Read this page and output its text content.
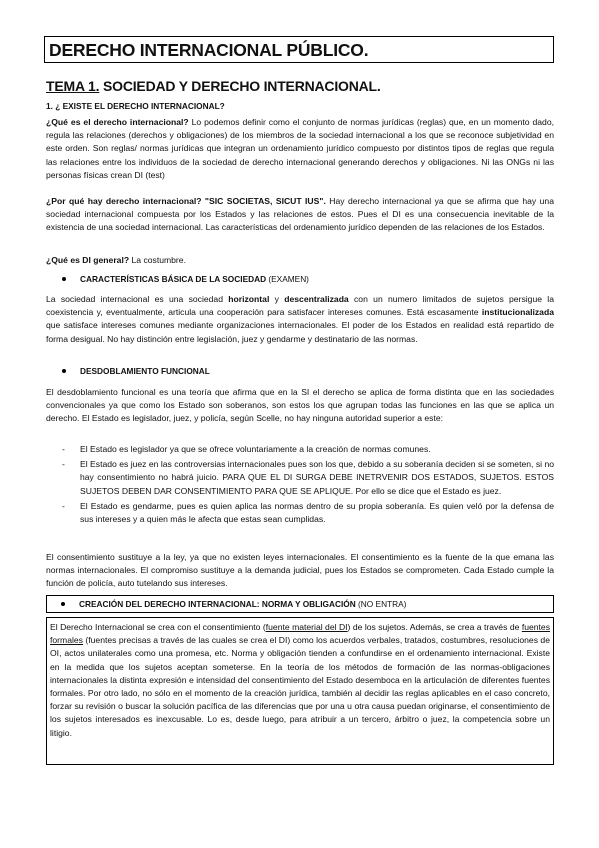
DERECHO INTERNACIONAL PÚBLICO.
TEMA 1. SOCIEDAD Y DERECHO INTERNACIONAL.
1. ¿ EXISTE EL DERECHO INTERNACIONAL?
¿Qué es el derecho internacional? Lo podemos definir como el conjunto de normas jurídicas (reglas) que, en un momento dado, regula las relaciones (derechos y obligaciones) de los miembros de la sociedad internacional a los que se reconoce subjetividad en este orden. Son reglas/ normas jurídicas que integran un ordenamiento jurídico compuesto por distintos tipos de reglas que regula las relaciones entre los individuos de la sociedad de derecho internacional generando derechos y obligaciones. Ni las ONGs ni las personas físicas crean DI (test)
¿Por qué hay derecho internacional? "SIC SOCIETAS, SICUT IUS". Hay derecho internacional ya que se afirma que hay una sociedad internacional compuesta por los Estados y las relaciones de estos. Pues el DI es una consecuencia inevitable de la existencia de una sociedad internacional. Las características del ordenamiento jurídico dependen de las relaciones de los Estados.
¿Qué es DI general? La costumbre.
CARACTERÍSTICAS BÁSICA DE LA SOCIEDAD (EXAMEN)
La sociedad internacional es una sociedad horizontal y descentralizada con un numero limitados de sujetos persigue la coexistencia y, eventualmente, articula una cooperación para satisfacer intereses comunes. Está escasamente institucionalizada que satisface intereses comunes mediante organizaciones internacionales. El poder de los Estados en realidad está repartido de forma desigual. No hay distinción entre legislación, juez y gendarme y destinatario de las normas.
DESDOBLAMIENTO FUNCIONAL
El desdoblamiento funcional es una teoría que afirma que en la SI el derecho se aplica de forma distinta que en las sociedades convencionales ya que como los Estado son soberanos, son estos los que agrupan todas las funciones en las que se aplica un derecho. El Estado es legislador, juez, y policía, según Scelle, no hay ninguna autoridad superior a este:
- El Estado es legislador ya que se ofrece voluntariamente a la creación de normas comunes.
- El Estado es juez en las controversias internacionales pues son los que, debido a su soberanía deciden si se someten, si no hay consentimiento no habrá juicio. PARA QUE EL DI SURGA DEBE INETRVENIR DOS ESTADOS, SUJETOS. ESTOS SUJETOS DEBEN DAR CONSENTIMIENTO PARA QUE SE APLIQUE. Por ello se dice que el Estado es juez.
- El Estado es gendarme, pues es quien aplica las normas dentro de su propia soberanía. Es quien veló por la defensa de sus intereses y a quien más le afecta que estas sean cumplidas.
El consentimiento sustituye a la ley, ya que no existen leyes internacionales. El consentimiento es la fuente de la que emana las normas internacionales. El compromiso sustituye a la demanda judicial, pues los Estados se comprometen. Cada Estado cumple la función de policía, auto tutelando sus intereses.
CREACIÓN DEL DERECHO INTERNACIONAL: NORMA Y OBLIGACIÓN (NO ENTRA)
El Derecho Internacional se crea con el consentimiento (fuente material del DI) de los sujetos. Además, se crea a través de fuentes formales (fuentes precisas a través de las cuales se crea el DI) como los acuerdos verbales, tratados, costumbres, resoluciones de OI, actos unilaterales como una promesa, etc. Norma y obligación tienden a confundirse en el ordenamiento internacional. Existe en la medida que los sujetos aceptan someterse. En la teoría de los métodos de formación de las normas-obligaciones internacionales la distinta expresión e intensidad del consentimiento del Estado desemboca en la articulación de diferentes fuentes formales. Por otro lado, no sólo en el momento de la creación jurídica, también al decidir las reglas aplicables en el caso concreto, forzar su revisión o buscar la solución pacífica de las diferencias que por una u otra causa puedan originarse, el consentimiento de los sujetos interesados es inexcusable. Lo es, desde luego, para atribuir a un tercero, árbitro o juez, la competencia sobre un litigio.
